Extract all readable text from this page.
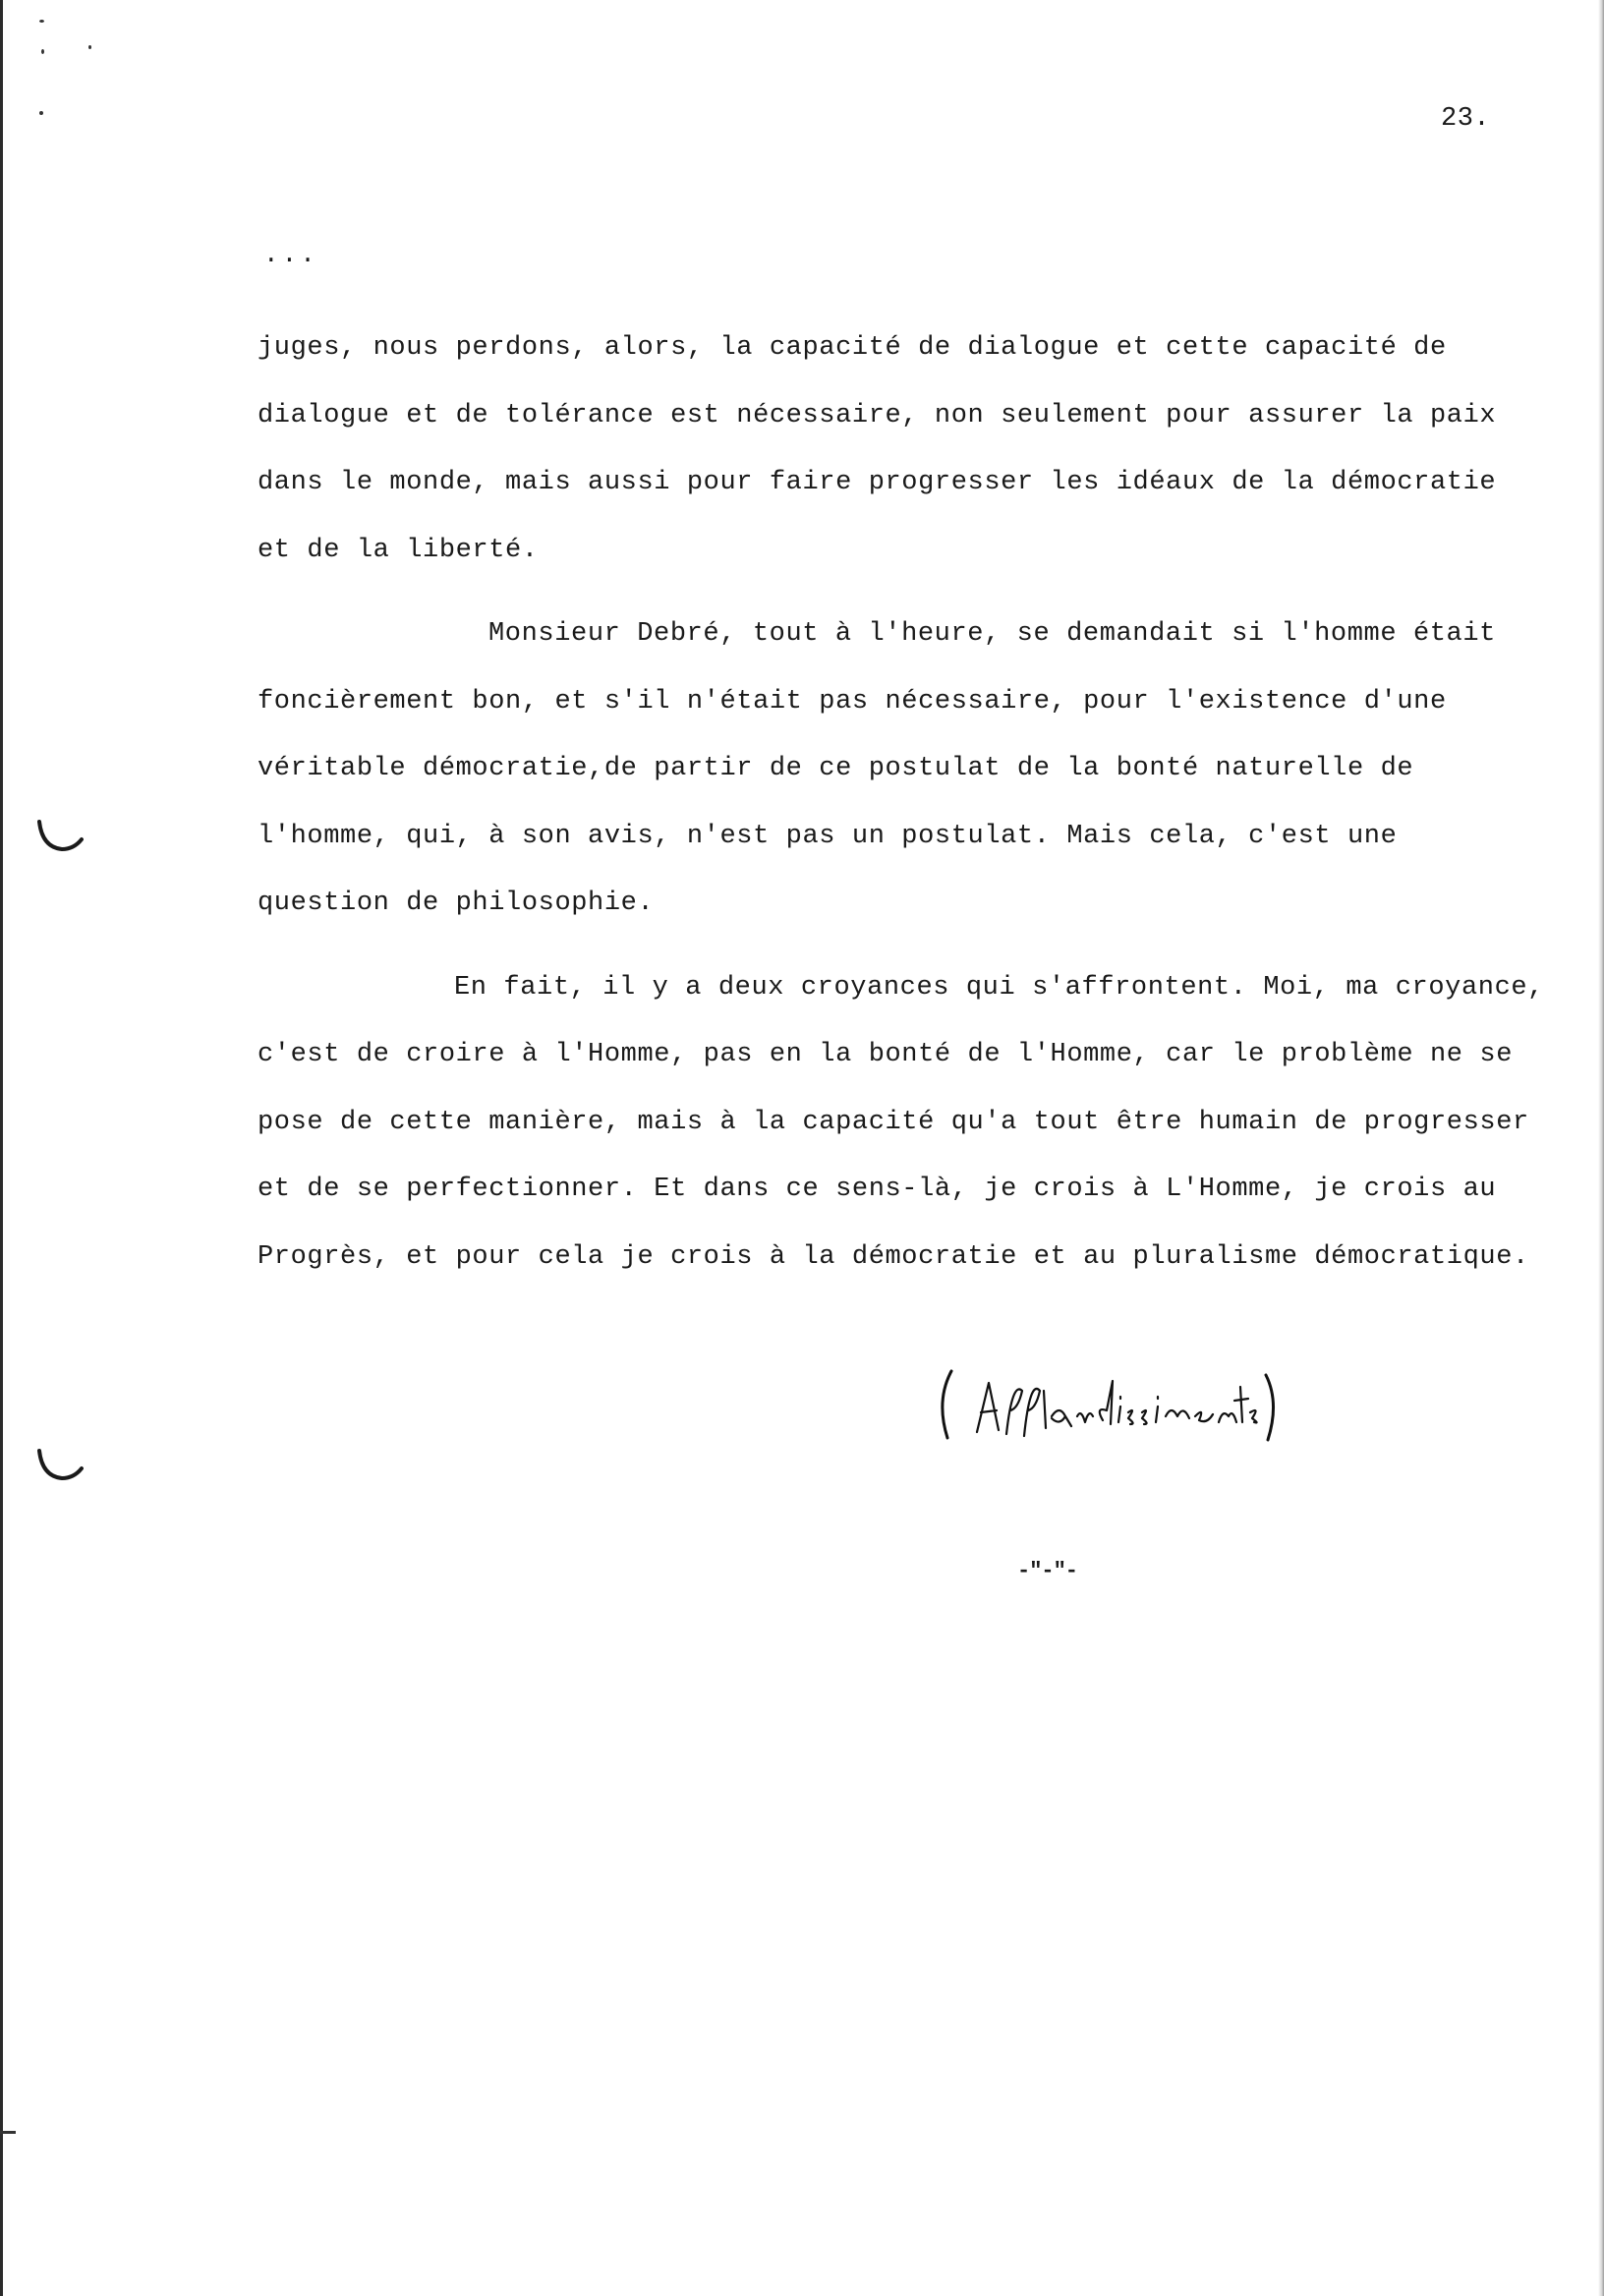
23.
...

juges, nous perdons, alors, la capacité de dialogue et cette capacité de dialogue et de tolérance est nécessaire, non seulement pour assurer la paix dans le monde, mais aussi pour faire progresser les idéaux de la démocratie et de la liberté.

Monsieur Debré, tout à l'heure, se demandait si l'homme était foncièrement bon, et s'il n'était pas nécessaire, pour l'existence d'une véritable démocratie,de partir de ce postulat de la bonté naturelle de l'homme, qui, à son avis, n'est pas un postulat. Mais cela, c'est une question de philosophie.

En fait, il y a deux croyances qui s'affrontent. Moi, ma croyance, c'est de croire à l'Homme, pas en la bonté de l'Homme, car le problème ne se pose de cette manière, mais à la capacité qu'a tout être humain de progresser et de se perfectionner. Et dans ce sens-là, je crois à L'Homme, je crois au Progrès, et pour cela je crois à la démocratie et au pluralisme démocratique.

-"-"-
